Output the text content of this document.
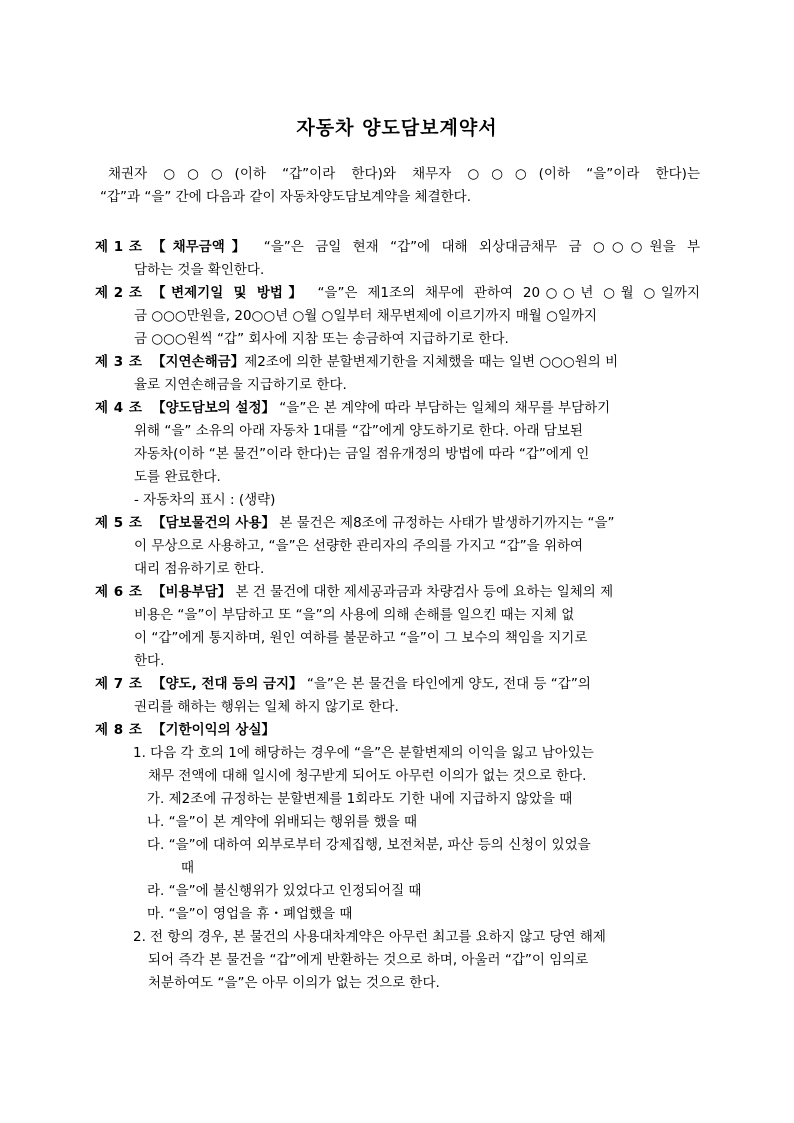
자동차 양도담보계약서
채권자 ○○○(이하 “갑”이라 한다)와 채무자 ○○○(이하 “을”이라 한다)는
“갑”과 “을” 간에 다음과 같이 자동차양도담보계약을 체결한다.
제 1 조 【채무금액】 “을”은 금일 현재 “갑”에 대해 외상대금채무 금 ○○○원을 부
담하는 것을 확인한다.
제 2 조 【변제기일 및 방법】 “을”은 제1조의 채무에 관하여 20○○년 ○월 ○일까지
금 ○○○만원을, 20○○년 ○월 ○일부터 채무변제에 이르기까지 매월 ○일까지
금 ○○○원씩 “갑” 회사에 지참 또는 송금하여 지급하기로 한다.
제 3 조 【지연손해금】제2조에 의한 분할변제기한을 지체했을 때는 일변 ○○○원의 비
율로 지연손해금을 지급하기로 한다.
제 4 조 【양도담보의 설정】 “을”은 본 계약에 따라 부담하는 일체의 채무를 부담하기
위해 “을” 소유의 아래 자동차 1대를 “갑”에게 양도하기로 한다. 아래 담보된
자동차(이하 “본 물건”이라 한다)는 금일 점유개정의 방법에 따라 “갑”에게 인
도를 완료한다.
- 자동차의 표시 : (생략)
제 5 조 【담보물건의 사용】 본 물건은 제8조에 규정하는 사태가 발생하기까지는 “을”
이 무상으로 사용하고, “을”은 선량한 관리자의 주의를 가지고 “갑”을 위하여
대리 점유하기로 한다.
제 6 조 【비용부담】 본 건 물건에 대한 제세공과금과 차량검사 등에 요하는 일체의 제
비용은 “을”이 부담하고 또 “을”의 사용에 의해 손해를 일으킨 때는 지체 없
이 “갑”에게 통지하며, 원인 여하를 불문하고 “을”이 그 보수의 책임을 지기로
한다.
제 7 조 【양도, 전대 등의 금지】 “을”은 본 물건을 타인에게 양도, 전대 등 “갑”의
권리를 해하는 행위는 일체 하지 않기로 한다.
제 8 조 【기한이익의 상실】
1. 다음 각 호의 1에 해당하는 경우에 “을”은 분할변제의 이익을 잃고 남아있는
채무 전액에 대해 일시에 청구받게 되어도 아무런 이의가 없는 것으로 한다.
가. 제2조에 규정하는 분할변제를 1회라도 기한 내에 지급하지 않았을 때
나. “을”이 본 계약에 위배되는 행위를 했을 때
다. “을”에 대하여 외부로부터 강제집행, 보전처분, 파산 등의 신청이 있었을
때
라. “을”에 불신행위가 있었다고 인정되어질 때
마. “을”이 영업을 휴・폐업했을 때
2. 전 항의 경우, 본 물건의 사용대차계약은 아무런 최고를 요하지 않고 당연 해제
되어 즉각 본 물건을 “갑”에게 반환하는 것으로 하며, 아울러 “갑”이 임의로
처분하여도 “을”은 아무 이의가 없는 것으로 한다.
